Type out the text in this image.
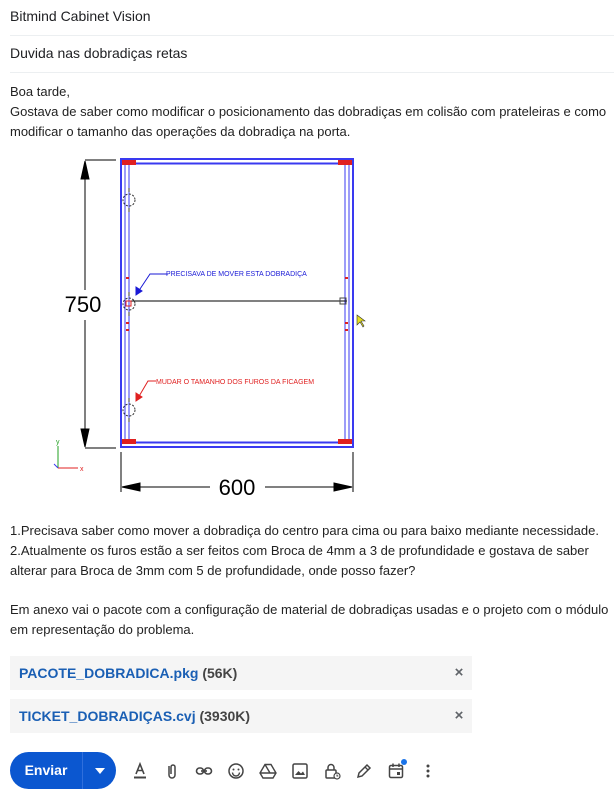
Bitmind Cabinet Vision
Duvida nas dobradiças retas
Boa tarde,
Gostava de saber como modificar o posicionamento das dobradiças em colisão com prateleiras e como modificar o tamanho das operações da dobradiça na porta.
PRECISAVA DE MOVER ESTA DOBRADIÇA
MUDAR O TAMANHO DOS FUROS DA FICAGEM
750
600
y
x
1.Precisava saber como mover a dobradiça do centro para cima ou para baixo mediante necessidade.
2.Atualmente os furos estão a ser feitos com Broca de 4mm a 3 de profundidade e gostava de saber alterar para Broca de 3mm com 5 de profundidade, onde posso fazer?
Em anexo vai o pacote com a configuração de material de dobradiças usadas e o projeto com o módulo em representação do problema.
PACOTE_DOBRADICA.pkg (56K)	×
TICKET_DOBRADIÇAS.cvj (3930K)	×
Enviar
